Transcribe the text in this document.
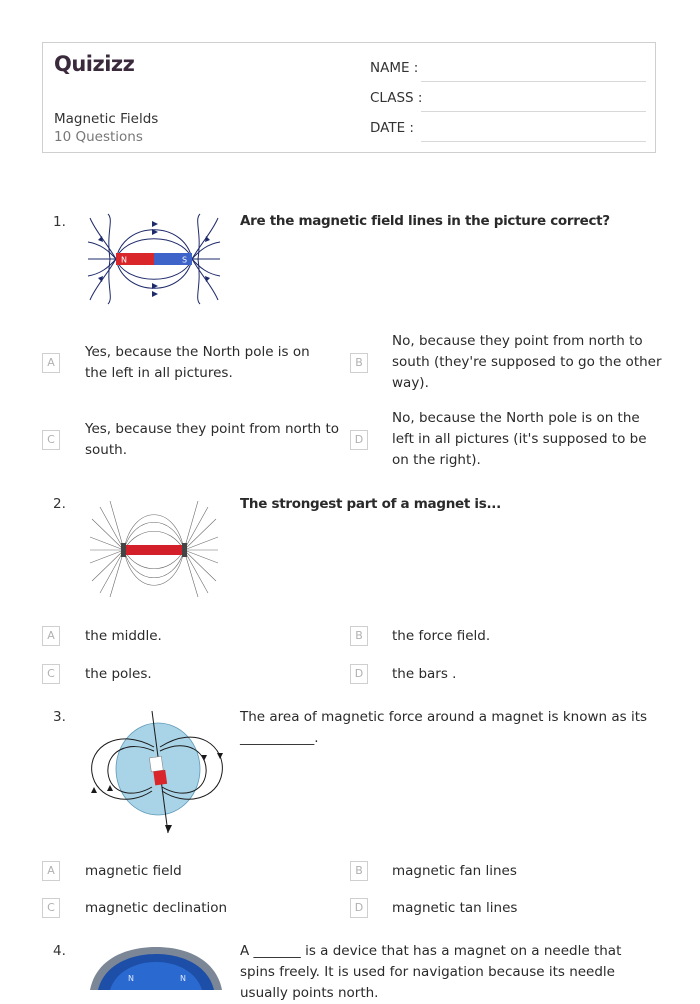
Quizizz
Magnetic Fields
10 Questions
NAME :
CLASS :
DATE :
1.
N	S
Are the magnetic field lines in the picture correct?
A
Yes, because the North pole is on the left in all pictures.
B
No, because they point from north to south (they're supposed to go the other way).
C
Yes, because they point from north to south.
D
No, because the North pole is on the left in all pictures (it's supposed to be on the right).
2.	The strongest part of a magnet is...
A	the middle.	B	the force field.
C	the poles.	D	the bars .
3.	The area of magnetic force around a magnet is known as its ___________.
A	magnetic field	B	magnetic fan lines
C	magnetic declination	D	magnetic tan lines
4.
N	N
A _______ is a device that has a magnet on a needle that spins freely. It is used for navigation because its needle usually points north.
